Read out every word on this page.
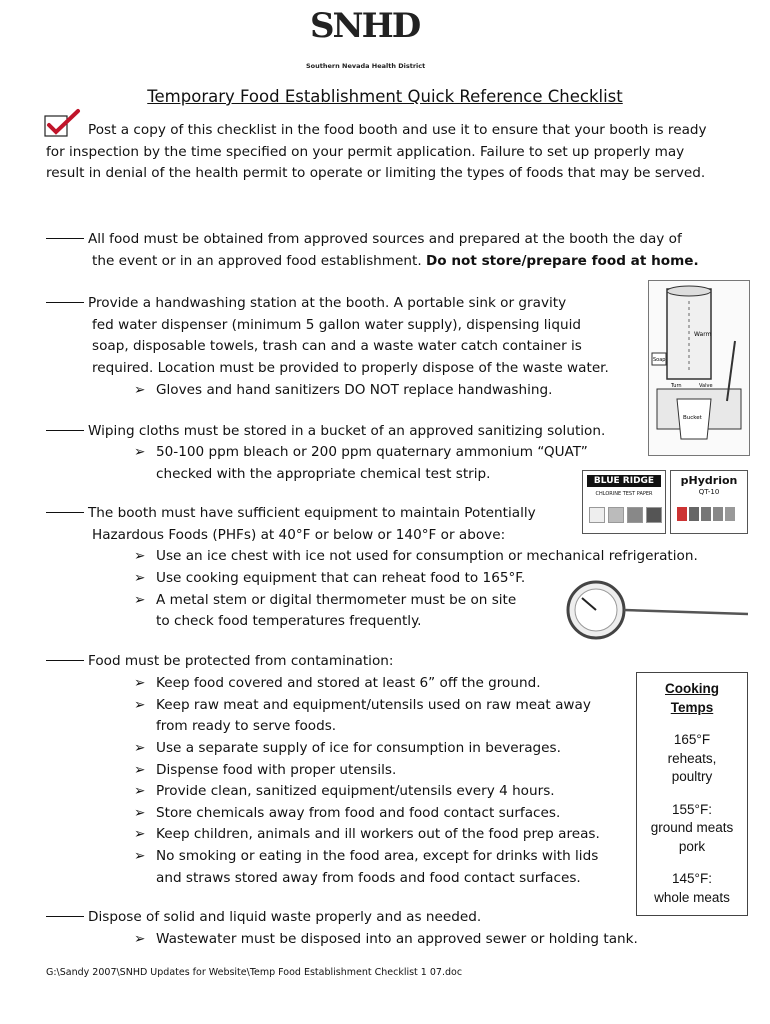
SNHD
Southern Nevada Health District
Temporary Food Establishment Quick Reference Checklist
Post a copy of this checklist in the food booth and use it to ensure that your booth is ready for inspection by the time specified on your permit application. Failure to set up properly may result in denial of the health permit to operate or limiting the types of foods that may be served.
All food must be obtained from approved sources and prepared at the booth the day of
the event or in an approved food establishment. Do not store/prepare food at home.
Provide a handwashing station at the booth. A portable sink or gravity
fed water dispenser (minimum 5 gallon water supply), dispensing liquid
soap, disposable towels, trash can and a waste water catch container is
required. Location must be provided to properly dispose of the waste water.
➢ Gloves and hand sanitizers DO NOT replace handwashing.
Warm
Soap
Turn	Valve
Bucket
Wiping cloths must be stored in a bucket of an approved sanitizing solution.
➢ 50-100 ppm bleach or 200 ppm quaternary ammonium “QUAT”
checked with the appropriate chemical test strip.	BLUE RIDGE
CHLORINE TEST PAPER
pHydrion
QT-10
The booth must have sufficient equipment to maintain Potentially
Hazardous Foods (PHFs) at 40°F or below or 140°F or above:
➢ Use an ice chest with ice not used for consumption or mechanical refrigeration.
➢ Use cooking equipment that can reheat food to 165°F.
➢ A metal stem or digital thermometer must be on site
to check food temperatures frequently.
Food must be protected from contamination:
➢ Keep food covered and stored at least 6” off the ground.
➢ Keep raw meat and equipment/utensils used on raw meat away
from ready to serve foods.
➢ Use a separate supply of ice for consumption in beverages.
➢ Dispense food with proper utensils.
➢ Provide clean, sanitized equipment/utensils every 4 hours.
➢ Store chemicals away from food and food contact surfaces.
➢ Keep children, animals and ill workers out of the food prep areas.
➢ No smoking or eating in the food area, except for drinks with lids
and straws stored away from foods and food contact surfaces.
Cooking
Temps

165°F
reheats,
poultry

155°F:
ground meats
pork

145°F:
whole meats

Dispose of solid and liquid waste properly and as needed.
➢ Wastewater must be disposed into an approved sewer or holding tank.
G:\Sandy 2007\SNHD Updates for Website\Temp Food Establishment Checklist 1 07.doc
